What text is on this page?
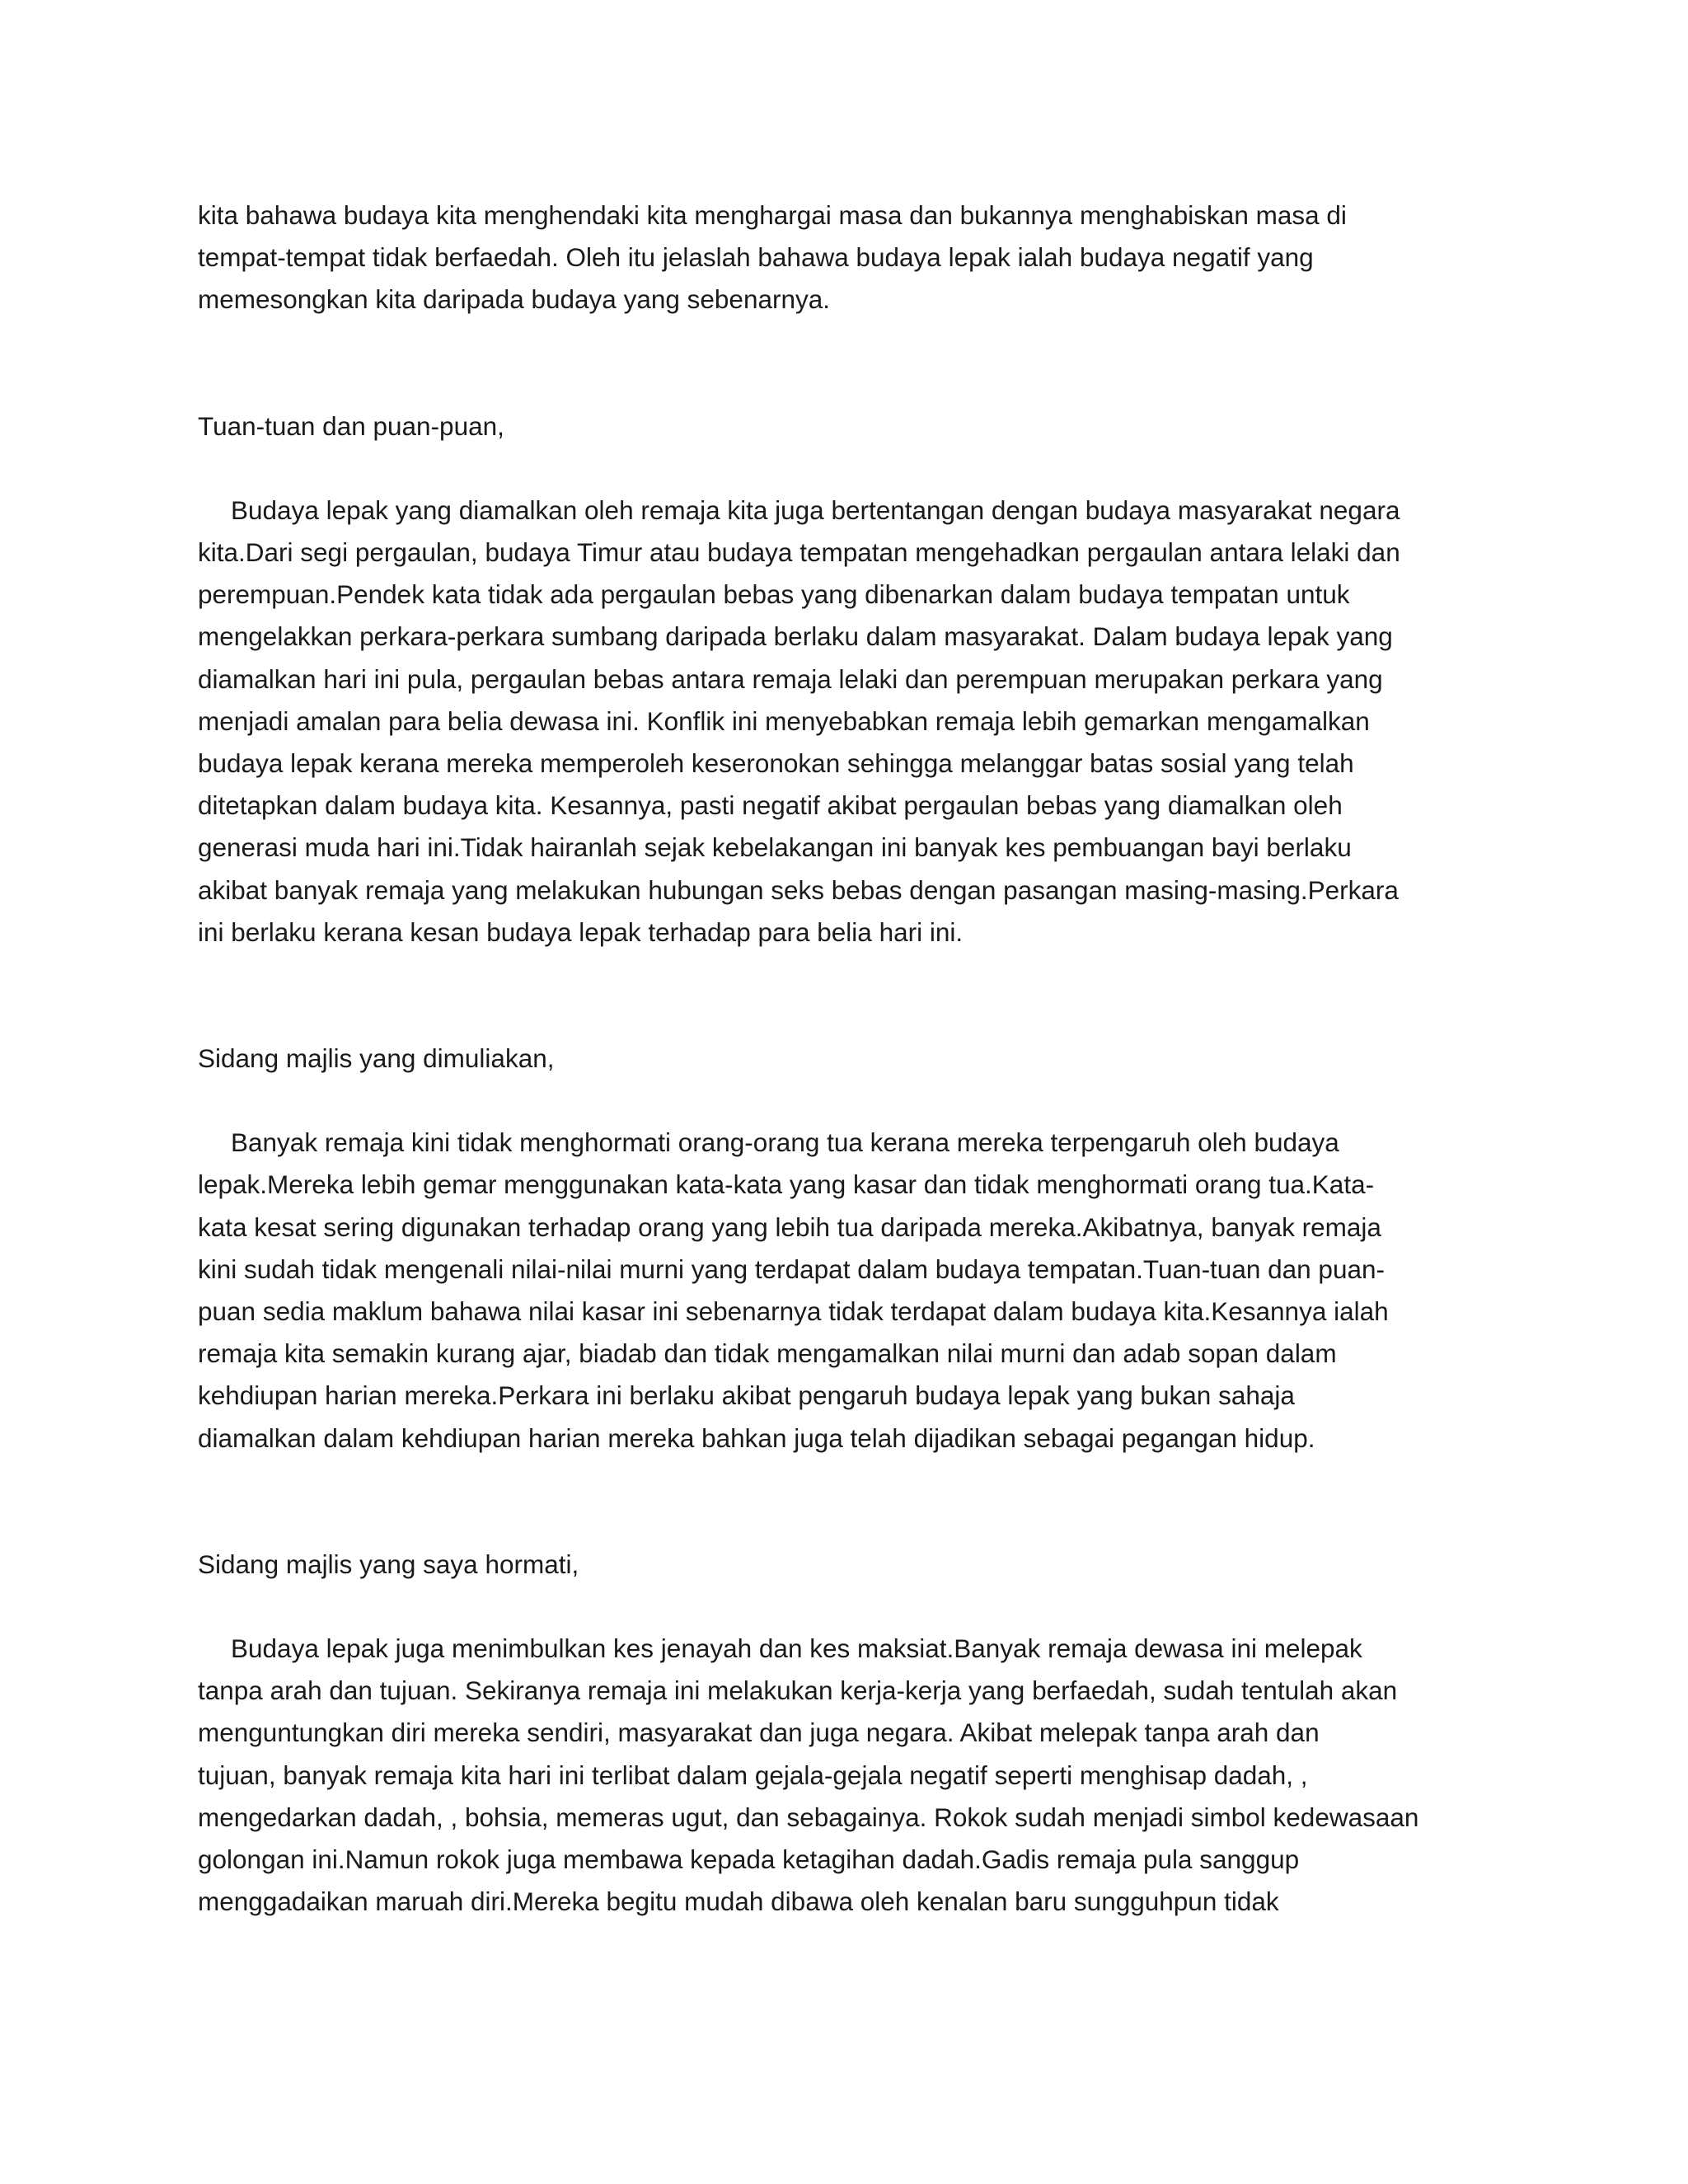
kita bahawa budaya kita menghendaki kita menghargai masa dan bukannya menghabiskan masa di
tempat-tempat tidak berfaedah. Oleh itu jelaslah bahawa budaya lepak ialah budaya negatif yang
memesongkan kita daripada budaya yang sebenarnya.

Tuan-tuan dan puan-puan,

Budaya lepak yang diamalkan oleh remaja kita juga bertentangan dengan budaya masyarakat negara
kita.Dari segi pergaulan, budaya Timur atau budaya tempatan mengehadkan pergaulan antara lelaki dan
perempuan.Pendek kata tidak ada pergaulan bebas yang dibenarkan dalam budaya tempatan untuk
mengelakkan perkara-perkara sumbang daripada berlaku dalam masyarakat. Dalam budaya lepak yang
diamalkan hari ini pula, pergaulan bebas antara remaja lelaki dan perempuan merupakan perkara yang
menjadi amalan para belia dewasa ini. Konflik ini menyebabkan remaja lebih gemarkan mengamalkan
budaya lepak kerana mereka memperoleh keseronokan sehingga melanggar batas sosial yang telah
ditetapkan dalam budaya kita. Kesannya, pasti negatif akibat pergaulan bebas yang diamalkan oleh
generasi muda hari ini.Tidak hairanlah sejak kebelakangan ini banyak kes pembuangan bayi berlaku
akibat banyak remaja yang melakukan hubungan seks bebas dengan pasangan masing-masing.Perkara
ini berlaku kerana kesan budaya lepak terhadap para belia hari ini.

Sidang majlis yang dimuliakan,

Banyak remaja kini tidak menghormati orang-orang tua kerana mereka terpengaruh oleh budaya
lepak.Mereka lebih gemar menggunakan kata-kata yang kasar dan tidak menghormati orang tua.Kata-
kata kesat sering digunakan terhadap orang yang lebih tua daripada mereka.Akibatnya, banyak remaja
kini sudah tidak mengenali nilai-nilai murni yang terdapat dalam budaya tempatan.Tuan-tuan dan puan-
puan sedia maklum bahawa nilai kasar ini sebenarnya tidak terdapat dalam budaya kita.Kesannya ialah
remaja kita semakin kurang ajar, biadab dan tidak mengamalkan nilai murni dan adab sopan dalam
kehdiupan harian mereka.Perkara ini berlaku akibat pengaruh budaya lepak yang bukan sahaja
diamalkan dalam kehdiupan harian mereka bahkan juga telah dijadikan sebagai pegangan hidup.

Sidang majlis yang saya hormati,

Budaya lepak juga menimbulkan kes jenayah dan kes maksiat.Banyak remaja dewasa ini melepak
tanpa arah dan tujuan. Sekiranya remaja ini melakukan kerja-kerja yang berfaedah, sudah tentulah akan
menguntungkan diri mereka sendiri, masyarakat dan juga negara. Akibat melepak tanpa arah dan
tujuan, banyak remaja kita hari ini terlibat dalam gejala-gejala negatif seperti menghisap dadah, ,
mengedarkan dadah, , bohsia, memeras ugut, dan sebagainya. Rokok sudah menjadi simbol kedewasaan
golongan ini.Namun rokok juga membawa kepada ketagihan dadah.Gadis remaja pula sanggup
menggadaikan maruah diri.Mereka begitu mudah dibawa oleh kenalan baru sungguhpun tidak
